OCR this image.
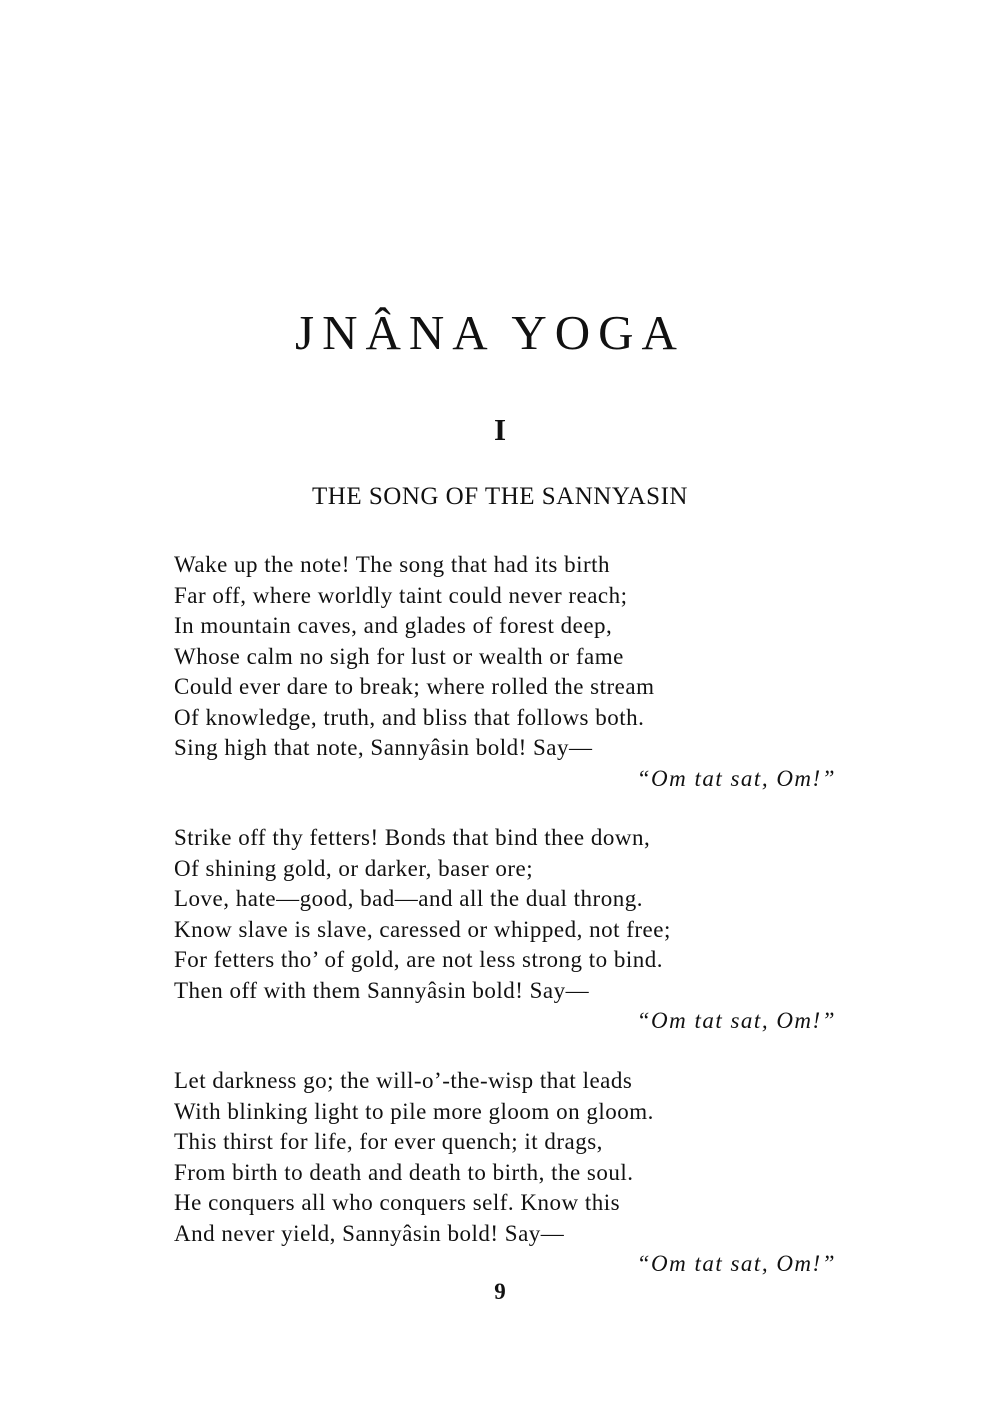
JNÂNA YOGA
I
THE SONG OF THE SANNYASIN
Wake up the note! The song that had its birth
Far off, where worldly taint could never reach;
In mountain caves, and glades of forest deep,
Whose calm no sigh for lust or wealth or fame
Could ever dare to break; where rolled the stream
Of knowledge, truth, and bliss that follows both.
Sing high that note, Sannyâsin bold! Say—
“Om tat sat, Om!”
Strike off thy fetters! Bonds that bind thee down,
Of shining gold, or darker, baser ore;
Love, hate—good, bad—and all the dual throng.
Know slave is slave, caressed or whipped, not free;
For fetters tho’ of gold, are not less strong to bind.
Then off with them Sannyâsin bold! Say—
“Om tat sat, Om!”
Let darkness go; the will-o’-the-wisp that leads
With blinking light to pile more gloom on gloom.
This thirst for life, for ever quench; it drags,
From birth to death and death to birth, the soul.
He conquers all who conquers self. Know this
And never yield, Sannyâsin bold! Say—
“Om tat sat, Om!”
9
